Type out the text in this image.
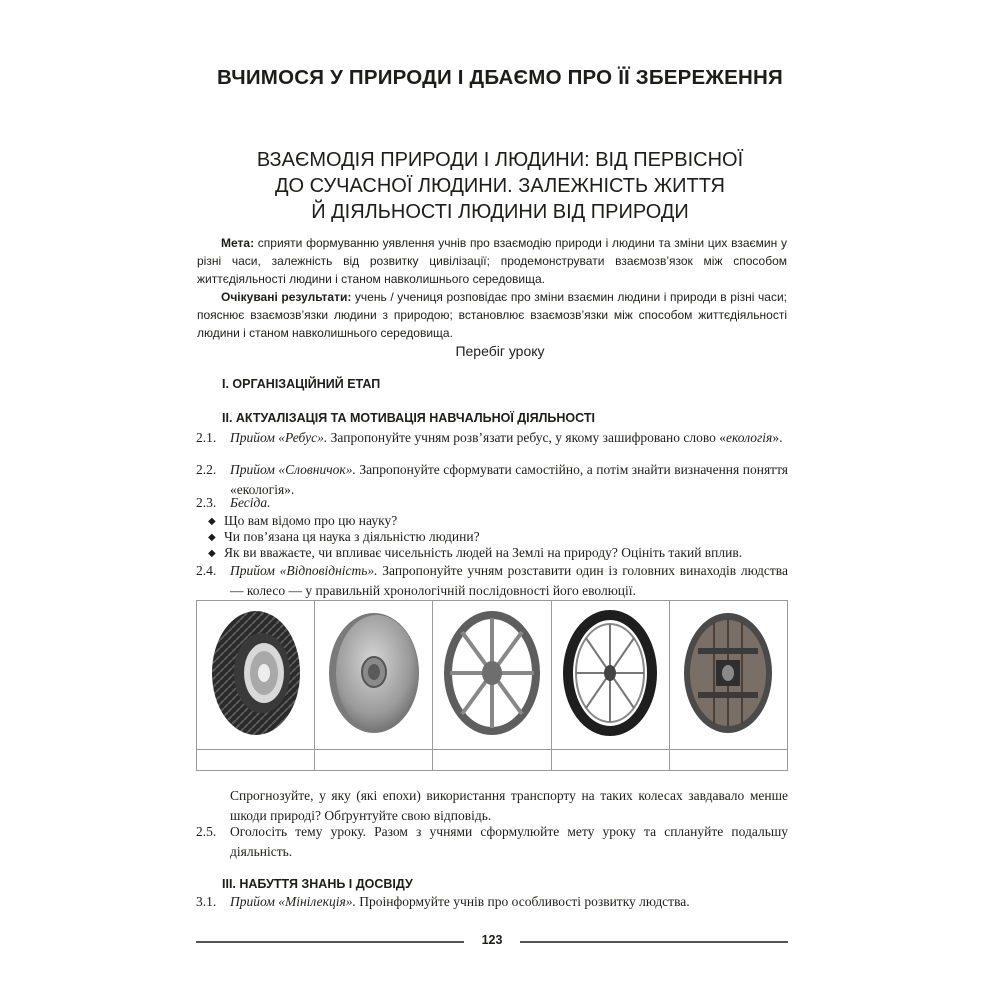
ВЧИМОСЯ У ПРИРОДИ І ДБАЄМО ПРО ЇЇ ЗБЕРЕЖЕННЯ
ВЗАЄМОДІЯ ПРИРОДИ І ЛЮДИНИ: ВІД ПЕРВІСНОЇ
ДО СУЧАСНОЇ ЛЮДИНИ. ЗАЛЕЖНІСТЬ ЖИТТЯ
Й ДІЯЛЬНОСТІ ЛЮДИНИ ВІД ПРИРОДИ
Мета: сприяти формуванню уявлення учнів про взаємодію природи і людини та зміни цих взаємин у різні часи, залежність від розвитку цивілізації; продемонструвати взаємозв’язок між способом життєдіяльності людини і станом навколишнього середовища.
Очікувані результати: учень / учениця розповідає про зміни взаємин людини і природи в різні часи; пояснює взаємозв’язки людини з природою; встановлює взаємозв’язки між способом життєдіяльності людини і станом навколишнього середовища.
Перебіг уроку
І. ОРГАНІЗАЦІЙНИЙ ЕТАП
ІІ. АКТУАЛІЗАЦІЯ ТА МОТИВАЦІЯ НАВЧАЛЬНОЇ ДІЯЛЬНОСТІ
2.1.	Прийом «Ребус». Запропонуйте учням розв’язати ребус, у якому зашифровано слово «екологія».
2.2.	Прийом «Словничок». Запропонуйте сформувати самостійно, а потім знайти визначення поняття «екологія».
2.3.	Бесіда.
◆ Що вам відомо про цю науку?
◆ Чи пов’язана ця наука з діяльністю людини?
◆ Як ви вважаєте, чи впливає чисельність людей на Землі на природу? Оцініть такий вплив.
2.4.	Прийом «Відповідність». Запропонуйте учням розставити один із головних винаходів людства — колесо — у правильній хронологічній послідовності його еволюції.

Спрогнозуйте, у яку (які епохи) використання транспорту на таких колесах завдавало менше шкоди природі? Обґрунтуйте свою відповідь.
2.5.	Оголосіть тему уроку. Разом з учнями сформулюйте мету уроку та сплануйте подальшу діяльність.
ІІІ. НАБУТТЯ ЗНАНЬ І ДОСВІДУ
3.1.	Прийом «Мінілекція». Проінформуйте учнів про особливості розвитку людства.
123
